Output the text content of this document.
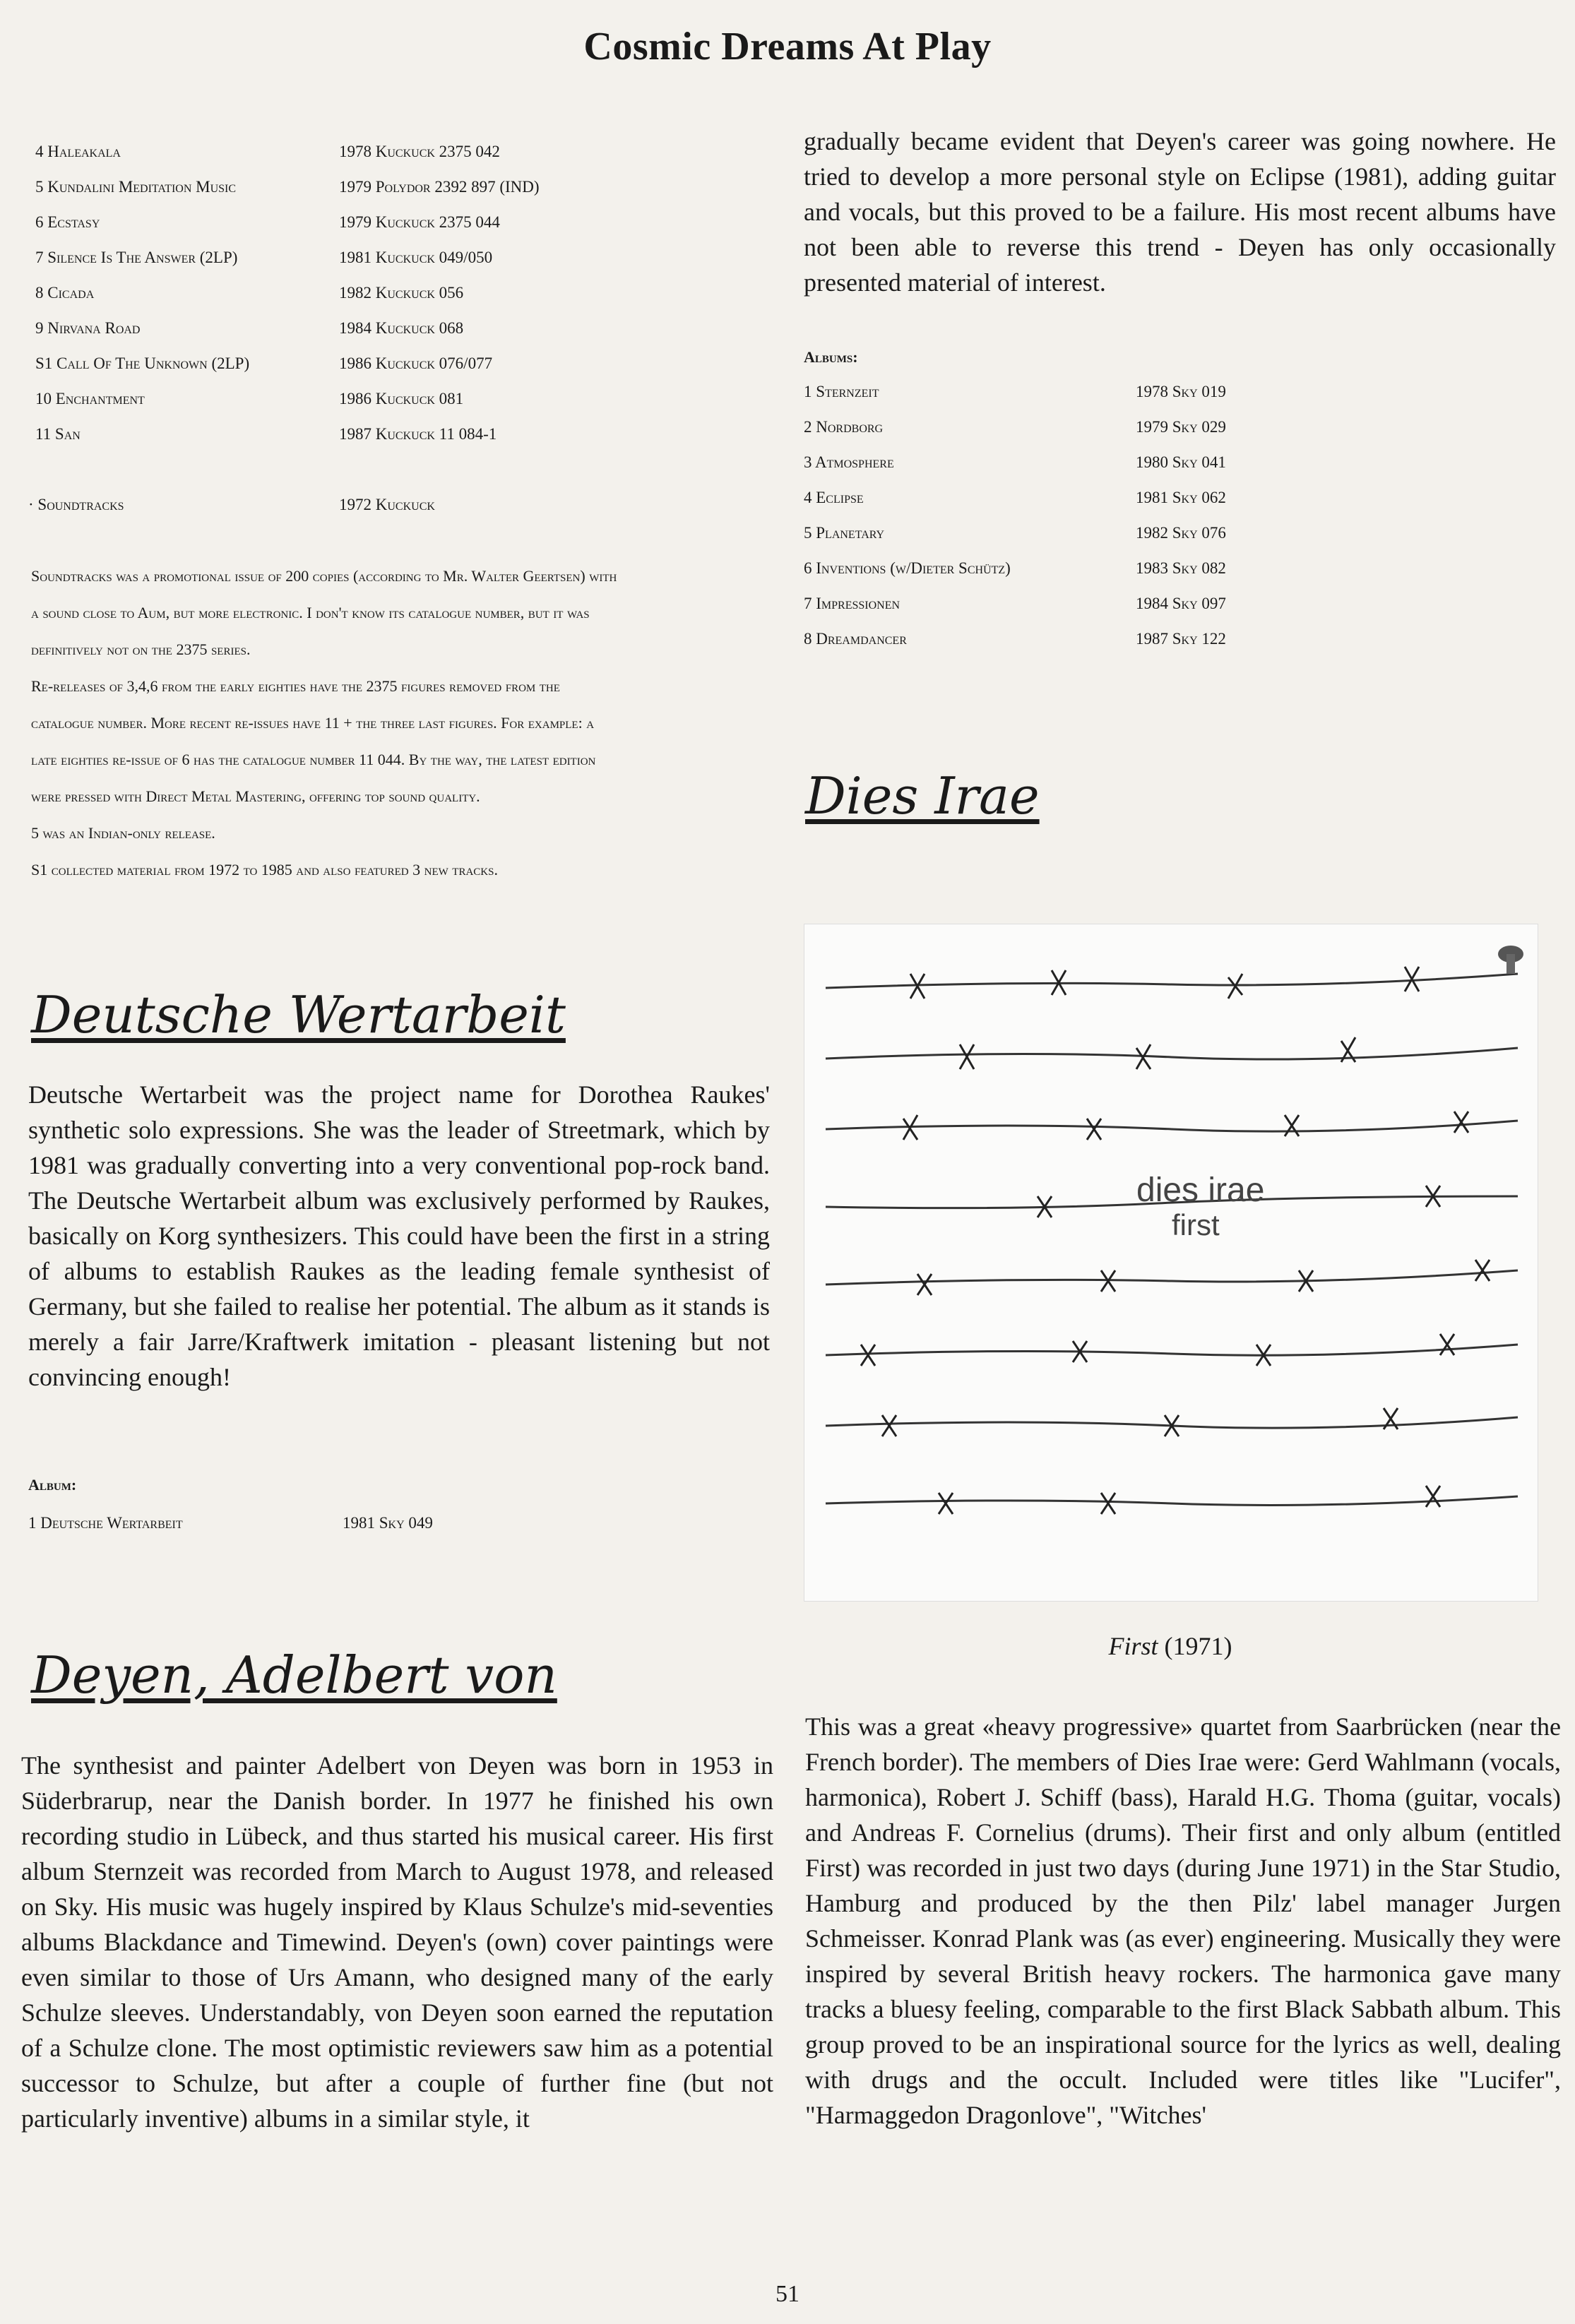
Cosmic Dreams At Play
4 Haleakala	1978 Kuckuck 2375 042
5 Kundalini Meditation Music	1979 Polydor 2392 897 (IND)
6 Ecstasy	1979 Kuckuck 2375 044
7 Silence Is The Answer (2LP)	1981 Kuckuck 049/050
8 Cicada	1982 Kuckuck 056
9 Nirvana Road	1984 Kuckuck 068
S1 Call Of The Unknown (2LP)	1986 Kuckuck 076/077
10 Enchantment	1986 Kuckuck 081
11 San	1987 Kuckuck 11 084-1
· Soundtracks	1972 Kuckuck

Soundtracks was a promotional issue of 200 copies (according to Mr. Walter Geertsen) with

a sound close to Aum, but more electronic. I don't know its catalogue number, but it was

definitively not on the 2375 series.

Re-releases of 3,4,6 from the early eighties have the 2375 figures removed from the

catalogue number. More recent re-issues have 11 + the three last figures. For example: a

late eighties re-issue of 6 has the catalogue number 11 044. By the way, the latest edition

were pressed with Direct Metal Mastering, offering top sound quality.

5 was an Indian-only release.

S1 collected material from 1972 to 1985 and also featured 3 new tracks.

Deutsche Wertarbeit

Deutsche Wertarbeit was the project name for Dorothea Raukes' synthetic solo expressions. She was the leader of Streetmark, which by 1981 was gradually converting into a very conventional pop-rock band. The Deutsche Wertarbeit album was exclusively performed by Raukes, basically on Korg synthesizers. This could have been the first in a string of albums to establish Raukes as the leading female synthesist of Germany, but she failed to realise her potential. The album as it stands is merely a fair Jarre/Kraftwerk imitation - pleasant listening but not convincing enough!

Album:
1 Deutsche Wertarbeit	1981 Sky 049
Deyen, Adelbert von

The synthesist and painter Adelbert von Deyen was born in 1953 in Süderbrarup, near the Danish border. In 1977 he finished his own recording studio in Lübeck, and thus started his musical career. His first album Sternzeit was recorded from March to August 1978, and released on Sky. His music was hugely inspired by Klaus Schulze's mid-seventies albums Blackdance and Timewind. Deyen's (own) cover paintings were even similar to those of Urs Amann, who designed many of the early Schulze sleeves. Understandably, von Deyen soon earned the reputation of a Schulze clone. The most optimistic reviewers saw him as a potential successor to Schulze, but after a couple of further fine (but not particularly inventive) albums in a similar style, it

gradually became evident that Deyen's career was going nowhere. He tried to develop a more personal style on Eclipse (1981), adding guitar and vocals, but this proved to be a failure. His most recent albums have not been able to reverse this trend - Deyen has only occasionally presented material of interest.

Albums:
1 Sternzeit	1978 Sky 019
2 Nordborg	1979 Sky 029
3 Atmosphere	1980 Sky 041
4 Eclipse	1981 Sky 062
5 Planetary	1982 Sky 076
6 Inventions (w/Dieter Schütz)	1983 Sky 082
7 Impressionen	1984 Sky 097
8 Dreamdancer	1987 Sky 122
Dies Irae
dies irae
first
First (1971)

This was a great «heavy progressive» quartet from Saarbrücken (near the French border). The members of Dies Irae were: Gerd Wahlmann (vocals, harmonica), Robert J. Schiff (bass), Harald H.G. Thoma (guitar, vocals) and Andreas F. Cornelius (drums). Their first and only album (entitled First) was recorded in just two days (during June 1971) in the Star Studio, Hamburg and produced by the then Pilz' label manager Jurgen Schmeisser. Konrad Plank was (as ever) engineering. Musically they were inspired by several British heavy rockers. The harmonica gave many tracks a bluesy feeling, comparable to the first Black Sabbath album. This group proved to be an inspirational source for the lyrics as well, dealing with drugs and the occult. Included were titles like "Lucifer", "Harmaggedon Dragonlove", "Witches'

51
